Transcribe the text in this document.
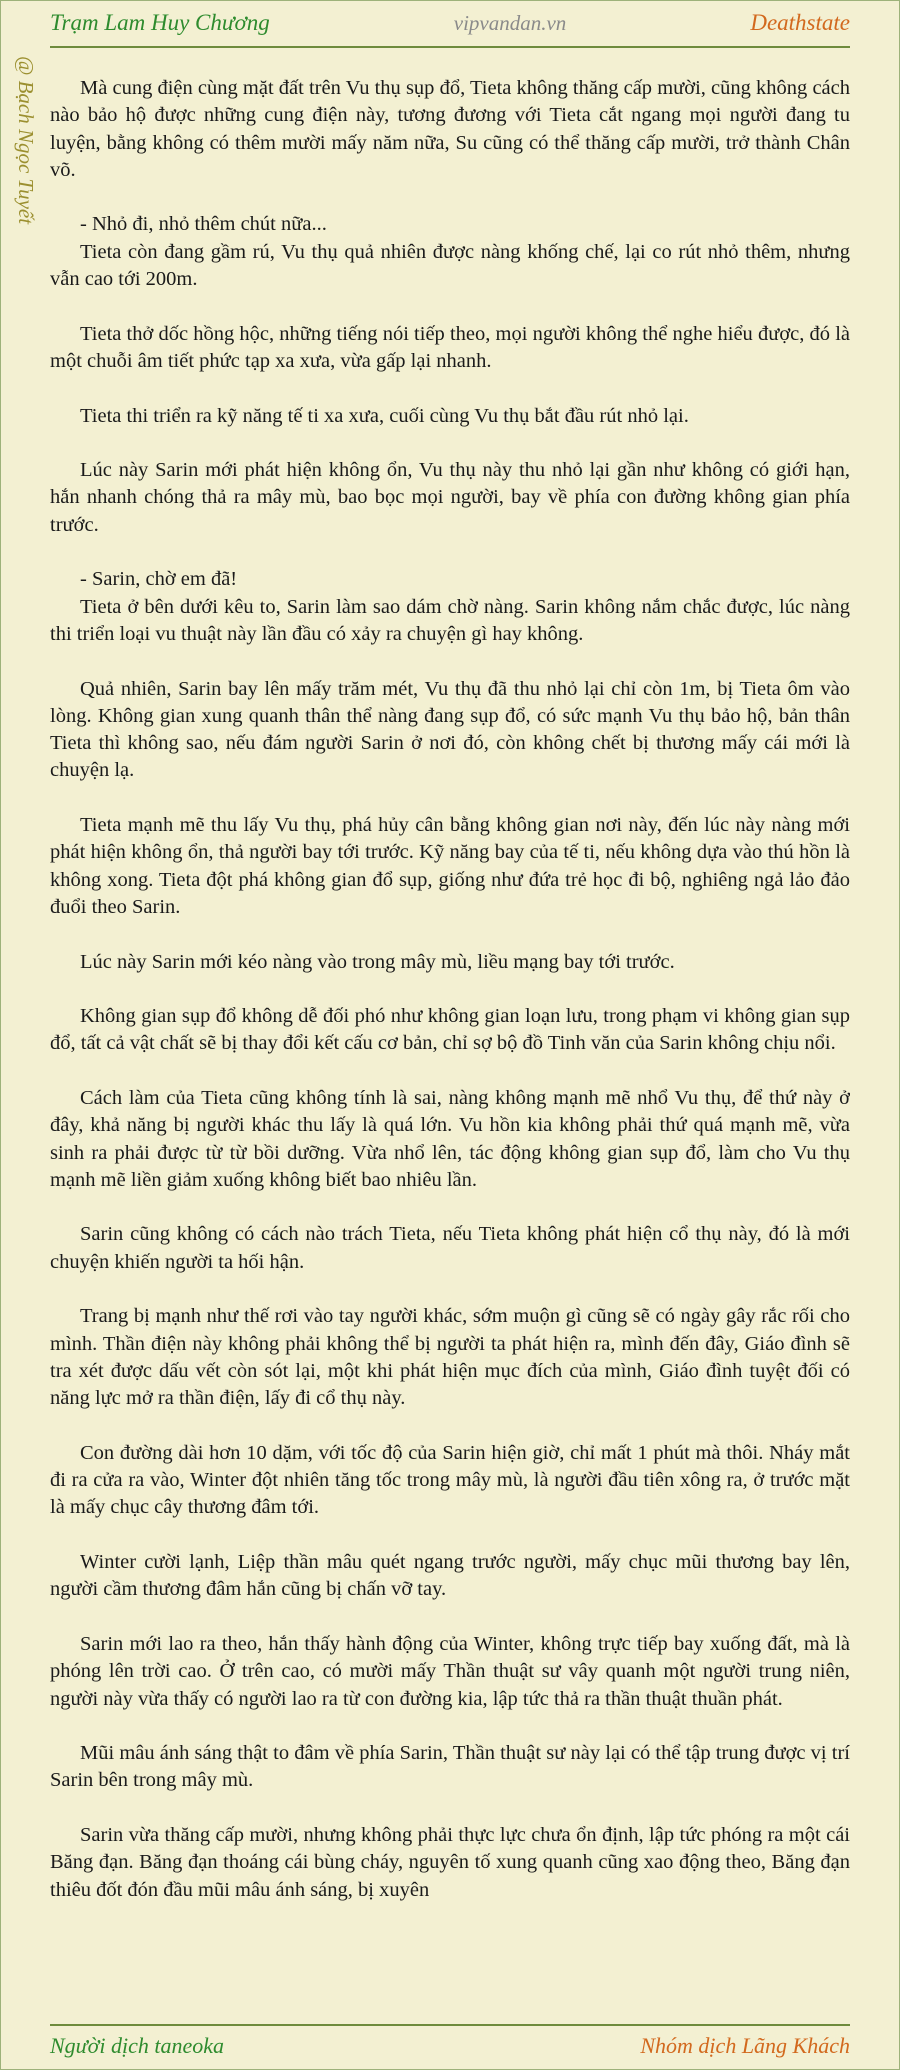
Trạm Lam Huy Chương	vipvandan.vn	Deathstate
@ Bạch Ngọc Tuyết	Mà cung điện cùng mặt đất trên Vu thụ sụp đổ, Tieta không thăng cấp mười, cũng không cách nào bảo hộ được những cung điện này, tương đương với Tieta cắt ngang mọi người đang tu luyện, bằng không có thêm mười mấy năm nữa, Su cũng có thể thăng cấp mười, trở thành Chân võ.

- Nhỏ đi, nhỏ thêm chút nữa...

Tieta còn đang gầm rú, Vu thụ quả nhiên được nàng khống chế, lại co rút nhỏ thêm, nhưng vẫn cao tới 200m.

Tieta thở dốc hồng hộc, những tiếng nói tiếp theo, mọi người không thể nghe hiểu được, đó là một chuỗi âm tiết phức tạp xa xưa, vừa gấp lại nhanh.

Tieta thi triển ra kỹ năng tế ti xa xưa, cuối cùng Vu thụ bắt đầu rút nhỏ lại.

Lúc này Sarin mới phát hiện không ổn, Vu thụ này thu nhỏ lại gần như không có giới hạn, hắn nhanh chóng thả ra mây mù, bao bọc mọi người, bay về phía con đường không gian phía trước.

- Sarin, chờ em đã!

Tieta ở bên dưới kêu to, Sarin làm sao dám chờ nàng. Sarin không nắm chắc được, lúc nàng thi triển loại vu thuật này lần đầu có xảy ra chuyện gì hay không.

Quả nhiên, Sarin bay lên mấy trăm mét, Vu thụ đã thu nhỏ lại chỉ còn 1m, bị Tieta ôm vào lòng. Không gian xung quanh thân thể nàng đang sụp đổ, có sức mạnh Vu thụ bảo hộ, bản thân Tieta thì không sao, nếu đám người Sarin ở nơi đó, còn không chết bị thương mấy cái mới là chuyện lạ.

Tieta mạnh mẽ thu lấy Vu thụ, phá hủy cân bằng không gian nơi này, đến lúc này nàng mới phát hiện không ổn, thả người bay tới trước. Kỹ năng bay của tế ti, nếu không dựa vào thú hồn là không xong. Tieta đột phá không gian đổ sụp, giống như đứa trẻ học đi bộ, nghiêng ngả lảo đảo đuổi theo Sarin.

Lúc này Sarin mới kéo nàng vào trong mây mù, liều mạng bay tới trước.

Không gian sụp đổ không dễ đối phó như không gian loạn lưu, trong phạm vi không gian sụp đổ, tất cả vật chất sẽ bị thay đổi kết cấu cơ bản, chỉ sợ bộ đồ Tinh văn của Sarin không chịu nổi.

Cách làm của Tieta cũng không tính là sai, nàng không mạnh mẽ nhổ Vu thụ, để thứ này ở đây, khả năng bị người khác thu lấy là quá lớn. Vu hồn kia không phải thứ quá mạnh mẽ, vừa sinh ra phải được từ từ bồi dưỡng. Vừa nhổ lên, tác động không gian sụp đổ, làm cho Vu thụ mạnh mẽ liền giảm xuống không biết bao nhiêu lần.

Sarin cũng không có cách nào trách Tieta, nếu Tieta không phát hiện cổ thụ này, đó là mới chuyện khiến người ta hối hận.

Trang bị mạnh như thế rơi vào tay người khác, sớm muộn gì cũng sẽ có ngày gây rắc rối cho mình. Thần điện này không phải không thể bị người ta phát hiện ra, mình đến đây, Giáo đình sẽ tra xét được dấu vết còn sót lại, một khi phát hiện mục đích của mình, Giáo đình tuyệt đối có năng lực mở ra thần điện, lấy đi cổ thụ này.

Con đường dài hơn 10 dặm, với tốc độ của Sarin hiện giờ, chỉ mất 1 phút mà thôi. Nháy mắt đi ra cửa ra vào, Winter đột nhiên tăng tốc trong mây mù, là người đầu tiên xông ra, ở trước mặt là mấy chục cây thương đâm tới.

Winter cười lạnh, Liệp thần mâu quét ngang trước người, mấy chục mũi thương bay lên, người cầm thương đâm hắn cũng bị chấn vỡ tay.

Sarin mới lao ra theo, hắn thấy hành động của Winter, không trực tiếp bay xuống đất, mà là phóng lên trời cao. Ở trên cao, có mười mấy Thần thuật sư vây quanh một người trung niên, người này vừa thấy có người lao ra từ con đường kia, lập tức thả ra thần thuật thuần phát.

Mũi mâu ánh sáng thật to đâm về phía Sarin, Thần thuật sư này lại có thể tập trung được vị trí Sarin bên trong mây mù.

Sarin vừa thăng cấp mười, nhưng không phải thực lực chưa ổn định, lập tức phóng ra một cái Băng đạn. Băng đạn thoáng cái bùng cháy, nguyên tố xung quanh cũng xao động theo, Băng đạn thiêu đốt đón đầu mũi mâu ánh sáng, bị xuyên

Người dịch taneoka	Nhóm dịch Lãng Khách
